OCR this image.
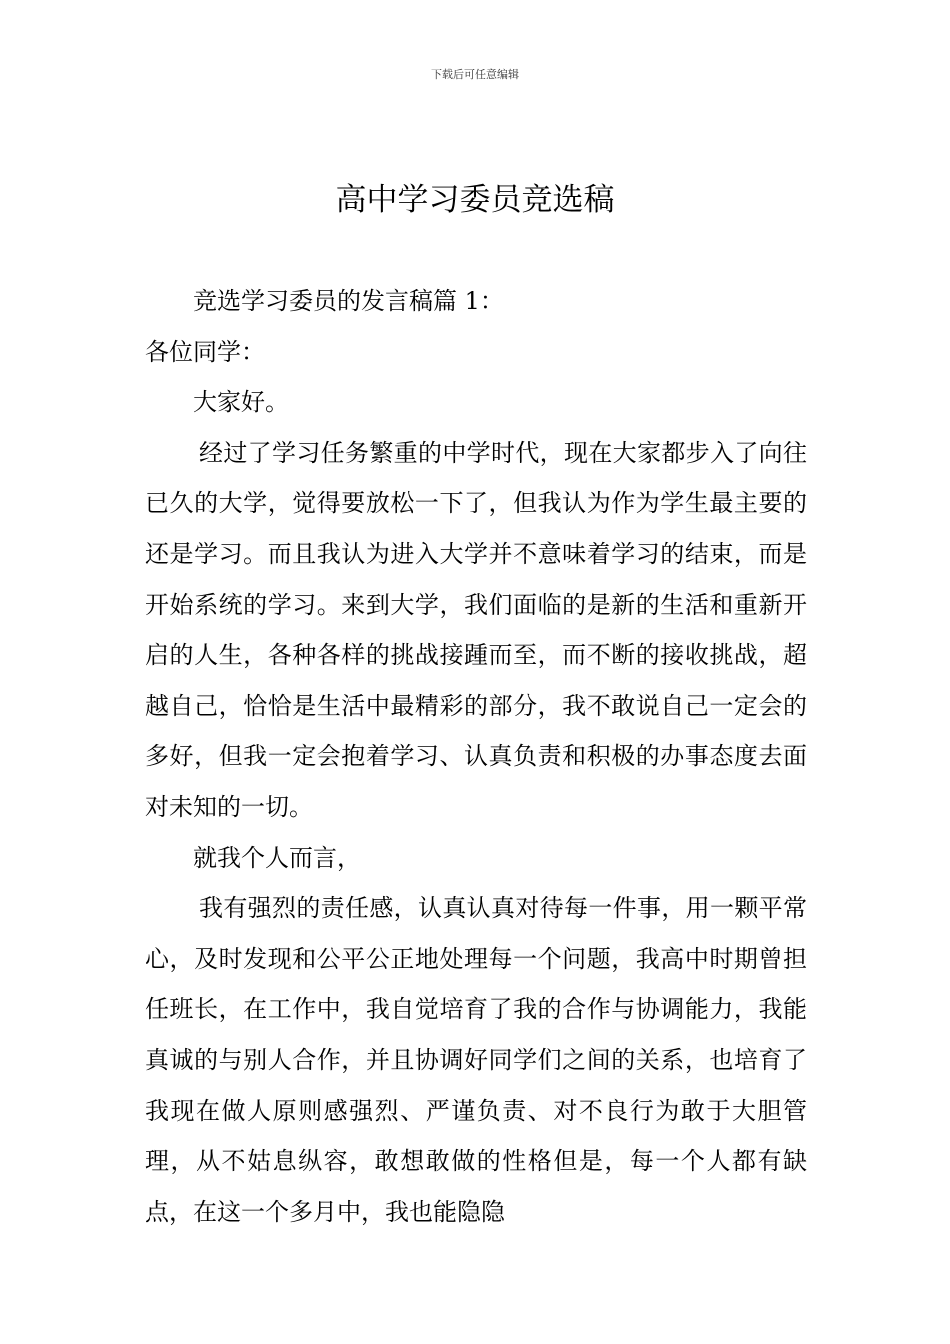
下载后可任意编辑
高中学习委员竞选稿

竞选学习委员的发言稿篇 1：

各位同学：

大家好。

经过了学习任务繁重的中学时代，现在大家都步入了向往已久的大学，觉得要放松一下了，但我认为作为学生最主要的还是学习。而且我认为进入大学并不意味着学习的结束，而是开始系统的学习。来到大学，我们面临的是新的生活和重新开启的人生，各种各样的挑战接踵而至，而不断的接收挑战，超越自己，恰恰是生活中最精彩的部分，我不敢说自己一定会的多好，但我一定会抱着学习、认真负责和积极的办事态度去面对未知的一切。

就我个人而言，

我有强烈的责任感，认真认真对待每一件事，用一颗平常心，及时发现和公平公正地处理每一个问题，我高中时期曾担任班长，在工作中，我自觉培育了我的合作与协调能力，我能真诚的与别人合作，并且协调好同学们之间的关系，也培育了我现在做人原则感强烈、严谨负责、对不良行为敢于大胆管理，从不姑息纵容，敢想敢做的性格但是，每一个人都有缺点，在这一个多月中，我也能隐隐
